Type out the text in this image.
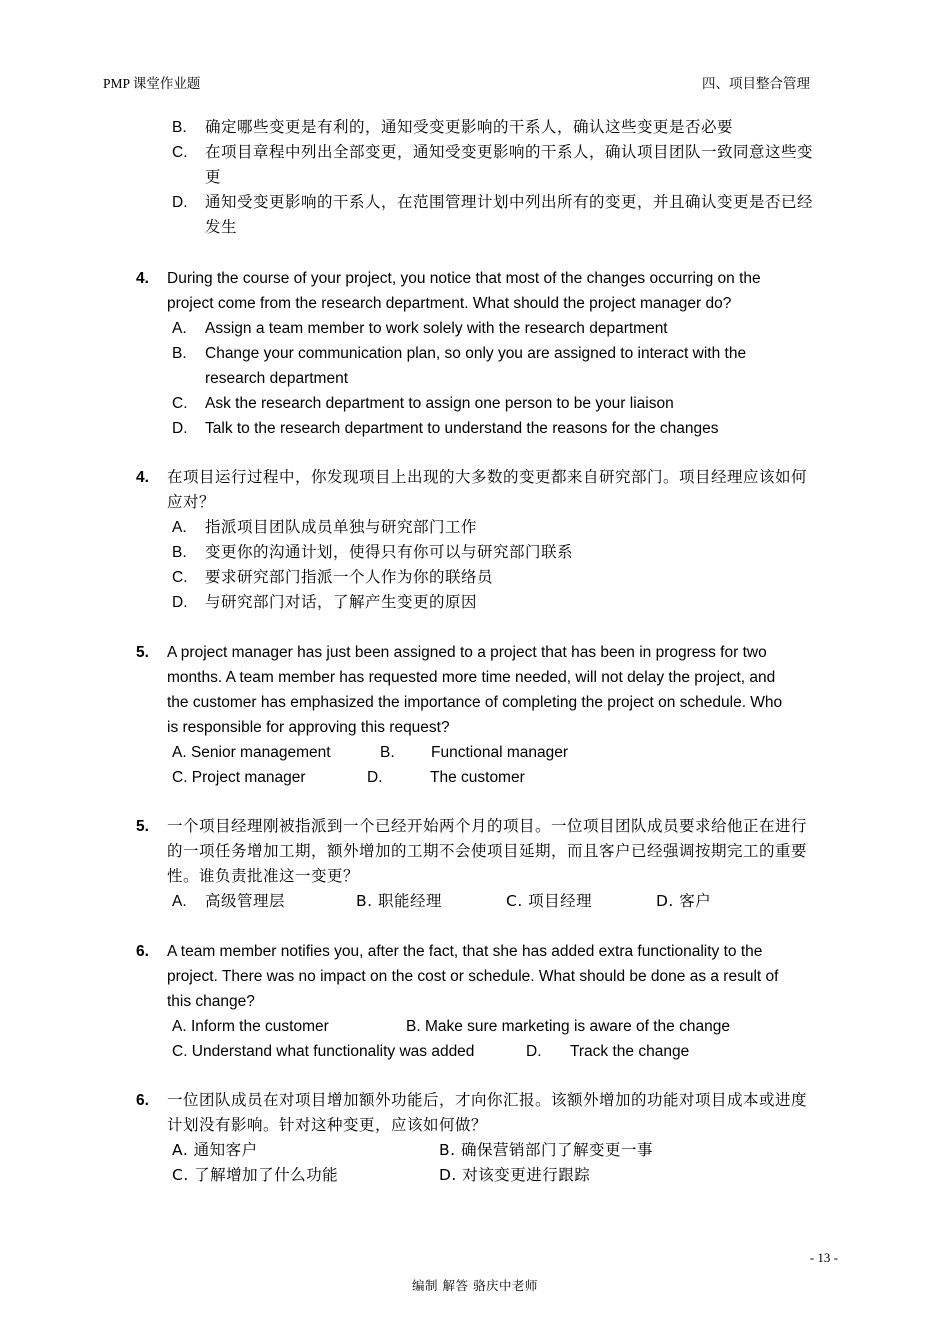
PMP 课堂作业题	四、项目整合管理
B. 确定哪些变更是有利的，通知受变更影响的干系人，确认这些变更是否必要
C. 在项目章程中列出全部变更，通知受变更影响的干系人，确认项目团队一致同意这些变
更
D. 通知受变更影响的干系人，在范围管理计划中列出所有的变更，并且确认变更是否已经
发生
4. During the course of your project, you notice that most of the changes occurring on the
project come from the research department. What should the project manager do?
A. Assign a team member to work solely with the research department
B. Change your communication plan, so only you are assigned to interact with the
research department
C. Ask the research department to assign one person to be your liaison
D. Talk to the research department to understand the reasons for the changes
4. 在项目运行过程中，你发现项目上出现的大多数的变更都来自研究部门。项目经理应该如何
应对？
A. 指派项目团队成员单独与研究部门工作
B. 变更你的沟通计划，使得只有你可以与研究部门联系
C. 要求研究部门指派一个人作为你的联络员
D. 与研究部门对话，了解产生变更的原因
5. A project manager has just been assigned to a project that has been in progress for two
months. A team member has requested more time needed, will not delay the project, and
the customer has emphasized the importance of completing the project on schedule. Who
is responsible for approving this request?
A. Senior management	B. Functional manager
C. Project manager	D.	The customer
5. 一个项目经理刚被指派到一个已经开始两个月的项目。一位项目团队成员要求给他正在进行
的一项任务增加工期，额外增加的工期不会使项目延期，而且客户已经强调按期完工的重要
性。谁负责批准这一变更？
A. 高级管理层	B. 职能经理	C. 项目经理	D. 客户
6. A team member notifies you, after the fact, that she has added extra functionality to the
project. There was no impact on the cost or schedule. What should be done as a result of
this change?
A. Inform the customer	B. Make sure marketing is aware of the change
C. Understand what functionality was added	D. Track the change
6. 一位团队成员在对项目增加额外功能后，才向你汇报。该额外增加的功能对项目成本或进度
计划没有影响。针对这种变更，应该如何做？
A. 通知客户	B. 确保营销部门了解变更一事
C. 了解增加了什么功能	D. 对该变更进行跟踪
- 13 -
编制 解答 骆庆中老师
